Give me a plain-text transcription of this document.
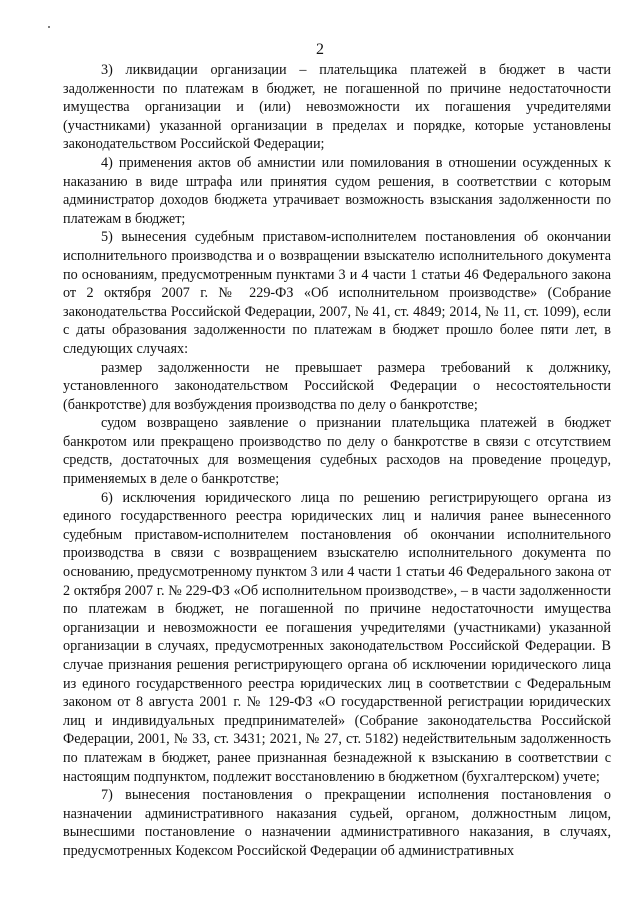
2

3) ликвидации организации – плательщика платежей в бюджет в части задолженности по платежам в бюджет, не погашенной по причине недостаточности имущества организации и (или) невозможности их погашения учредителями (участниками) указанной организации в пределах и порядке, которые установлены законодательством Российской Федерации;

4) применения актов об амнистии или помилования в отношении осужденных к наказанию в виде штрафа или принятия судом решения, в соответствии с которым администратор доходов бюджета утрачивает возможность взыскания задолженности по платежам в бюджет;

5) вынесения судебным приставом-исполнителем постановления об окончании исполнительного производства и о возвращении взыскателю исполнительного документа по основаниям, предусмотренным пунктами 3 и 4 части 1 статьи 46 Федерального закона от 2 октября 2007 г. № 229-ФЗ «Об исполнительном производстве» (Собрание законодательства Российской Федерации, 2007, № 41, ст. 4849; 2014, № 11, ст. 1099), если с даты образования задолженности по платежам в бюджет прошло более пяти лет, в следующих случаях:

размер задолженности не превышает размера требований к должнику, установленного законодательством Российской Федерации о несостоятельности (банкротстве) для возбуждения производства по делу о банкротстве;

судом возвращено заявление о признании плательщика платежей в бюджет банкротом или прекращено производство по делу о банкротстве в связи с отсутствием средств, достаточных для возмещения судебных расходов на проведение процедур, применяемых в деле о банкротстве;

6) исключения юридического лица по решению регистрирующего органа из единого государственного реестра юридических лиц и наличия ранее вынесенного судебным приставом-исполнителем постановления об окончании исполнительного производства в связи с возвращением взыскателю исполнительного документа по основанию, предусмотренному пунктом 3 или 4 части 1 статьи 46 Федерального закона от 2 октября 2007 г. № 229-ФЗ «Об исполнительном производстве», – в части задолженности по платежам в бюджет, не погашенной по причине недостаточности имущества организации и невозможности ее погашения учредителями (участниками) указанной организации в случаях, предусмотренных законодательством Российской Федерации. В случае признания решения регистрирующего органа об исключении юридического лица из единого государственного реестра юридических лиц в соответствии с Федеральным законом от 8 августа 2001 г. № 129-ФЗ «О государственной регистрации юридических лиц и индивидуальных предпринимателей» (Собрание законодательства Российской Федерации, 2001, № 33, ст. 3431; 2021, № 27, ст. 5182) недействительным задолженность по платежам в бюджет, ранее признанная безнадежной к взысканию в соответствии с настоящим подпунктом, подлежит восстановлению в бюджетном (бухгалтерском) учете;

7) вынесения постановления о прекращении исполнения постановления о назначении административного наказания судьей, органом, должностным лицом, вынесшими постановление о назначении административного наказания, в случаях, предусмотренных Кодексом Российской Федерации об административных
